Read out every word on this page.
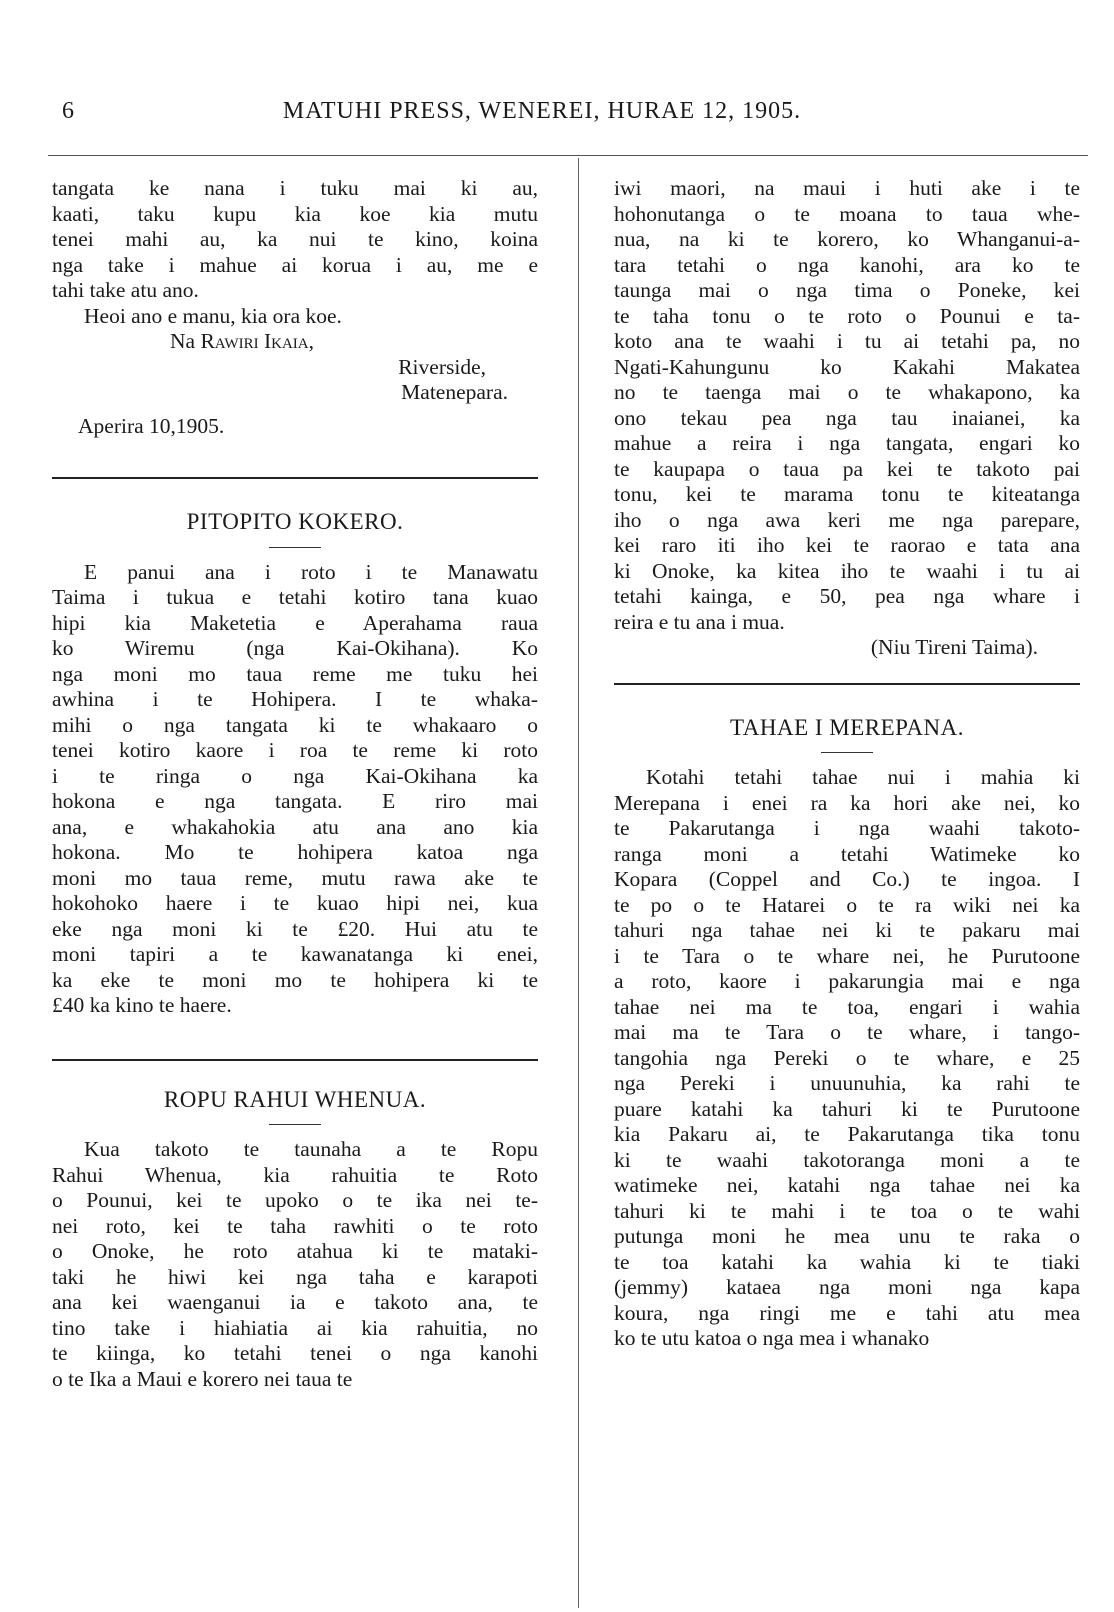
6	MATUHI PRESS, WENEREI, HURAE 12, 1905.
tangata ke nana i tuku mai ki au,
kaati, taku kupu kia koe kia mutu
tenei mahi au, ka nui te kino, koina
nga take i mahue ai korua i au, me e
tahi take atu ano.

Heoi ano e manu, kia ora koe.

Na Rawiri Ikaia,

Riverside,

Matenepara.

Aperira 10,1905.

PITOPITO KOKERO.
E panui ana i roto i te Manawatu
Taima i tukua e tetahi kotiro tana kuao
hipi kia Maketetia e Aperahama raua
ko Wiremu (nga Kai-Okihana). Ko
nga moni mo taua reme me tuku hei
awhina i te Hohipera. I te whaka-
mihi o nga tangata ki te whakaaro o
tenei kotiro kaore i roa te reme ki roto
i te ringa o nga Kai-Okihana ka
hokona e nga tangata. E riro mai
ana, e whakahokia atu ana ano kia
hokona. Mo te hohipera katoa nga
moni mo taua reme, mutu rawa ake te
hokohoko haere i te kuao hipi nei, kua
eke nga moni ki te £20. Hui atu te
moni tapiri a te kawanatanga ki enei,
ka eke te moni mo te hohipera ki te
£40 ka kino te haere.
ROPU RAHUI WHENUA.
Kua takoto te taunaha a te Ropu
Rahui Whenua, kia rahuitia te Roto
o Pounui, kei te upoko o te ika nei te-
nei roto, kei te taha rawhiti o te roto
o Onoke, he roto atahua ki te mataki-
taki he hiwi kei nga taha e karapoti
ana kei waenganui ia e takoto ana, te
tino take i hiahiatia ai kia rahuitia, no
te kiinga, ko tetahi tenei o nga kanohi
o te Ika a Maui e korero nei taua te
iwi maori, na maui i huti ake i te
hohonutanga o te moana to taua whe-
nua, na ki te korero, ko Whanganui-a-
tara tetahi o nga kanohi, ara ko te
taunga mai o nga tima o Poneke, kei
te taha tonu o te roto o Pounui e ta-
koto ana te waahi i tu ai tetahi pa, no
Ngati-Kahungunu ko Kakahi Makatea
no te taenga mai o te whakapono, ka
ono tekau pea nga tau inaianei, ka
mahue a reira i nga tangata, engari ko
te kaupapa o taua pa kei te takoto pai
tonu, kei te marama tonu te kiteatanga
iho o nga awa keri me nga parepare,
kei raro iti iho kei te raorao e tata ana
ki Onoke, ka kitea iho te waahi i tu ai
tetahi kainga, e 50, pea nga whare i
reira e tu ana i mua.

(Niu Tireni Taima).

TAHAE I MEREPANA.
Kotahi tetahi tahae nui i mahia ki
Merepana i enei ra ka hori ake nei, ko
te Pakarutanga i nga waahi takoto-
ranga moni a tetahi Watimeke ko
Kopara (Coppel and Co.) te ingoa. I
te po o te Hatarei o te ra wiki nei ka
tahuri nga tahae nei ki te pakaru mai
i te Tara o te whare nei, he Purutoone
a roto, kaore i pakarungia mai e nga
tahae nei ma te toa, engari i wahia
mai ma te Tara o te whare, i tango-
tangohia nga Pereki o te whare, e 25
nga Pereki i unuunuhia, ka rahi te
puare katahi ka tahuri ki te Purutoone
kia Pakaru ai, te Pakarutanga tika tonu
ki te waahi takotoranga moni a te
watimeke nei, katahi nga tahae nei ka
tahuri ki te mahi i te toa o te wahi
putunga moni he mea unu te raka o
te toa katahi ka wahia ki te tiaki
(jemmy) kataea nga moni nga kapa
koura, nga ringi me e tahi atu mea
ko te utu katoa o nga mea i whanako
